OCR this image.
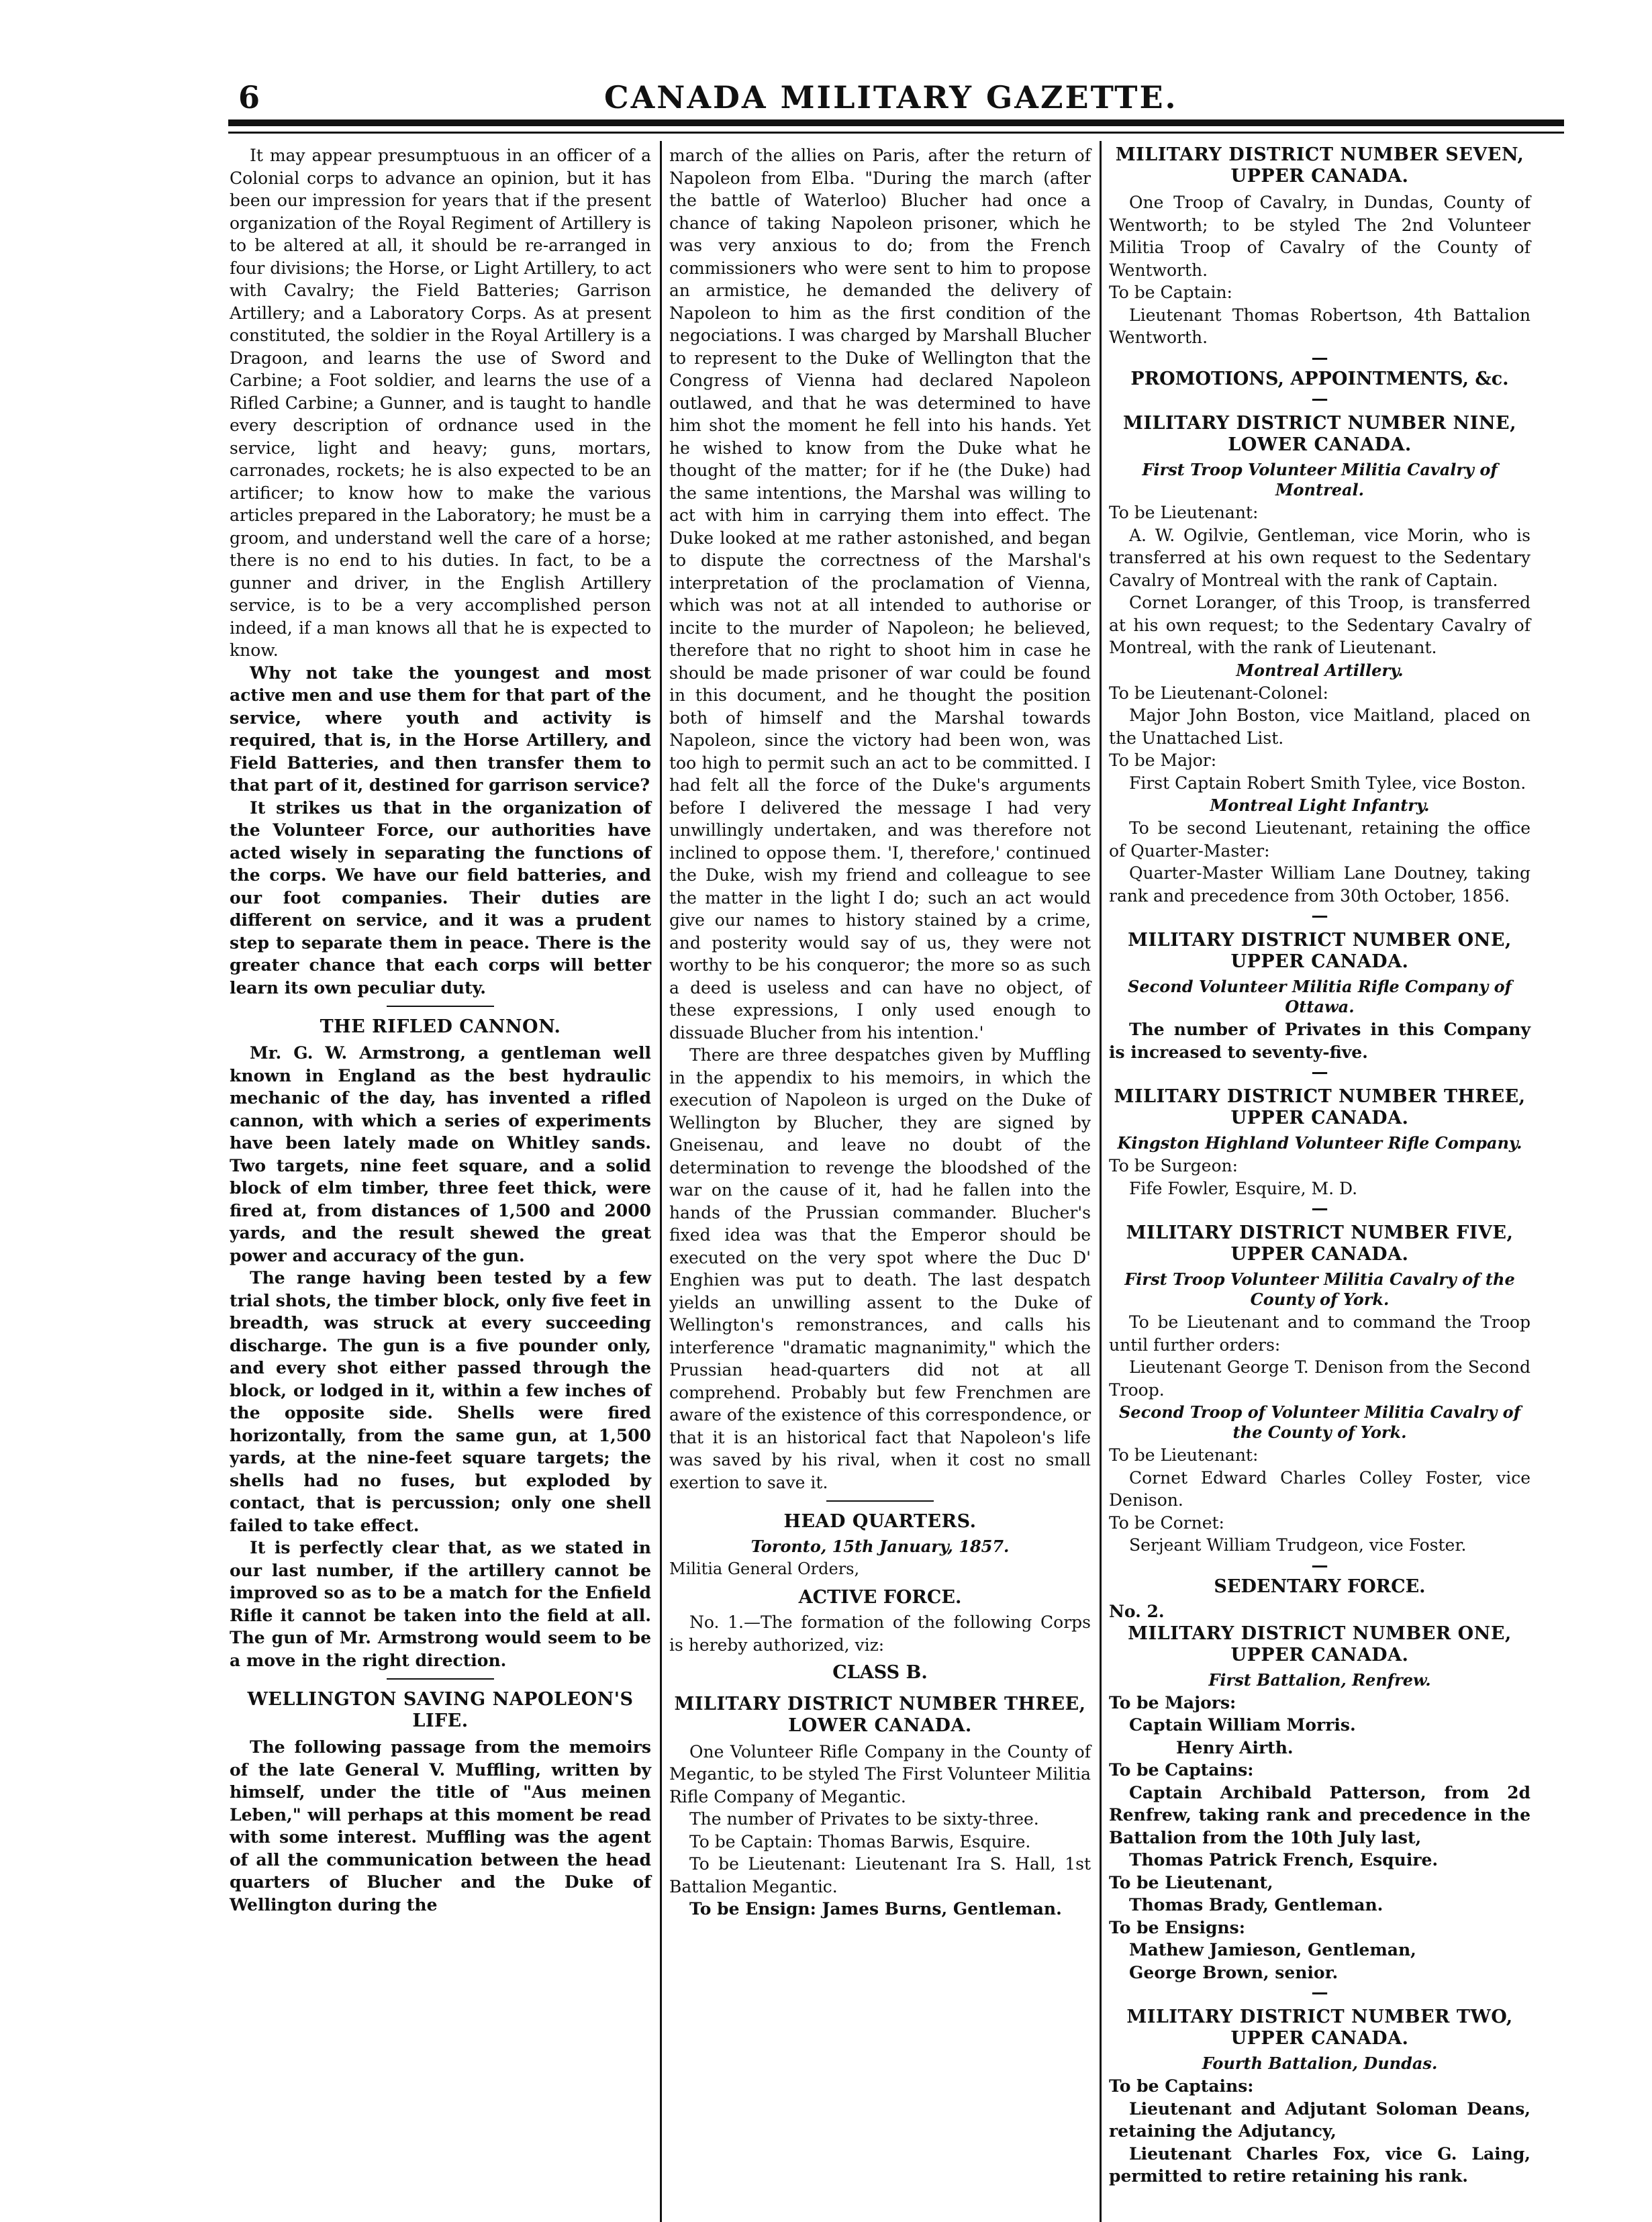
6	CANADA MILITARY GAZETTE.

It may appear presumptuous in an officer of a Colonial corps to advance an opinion, but it has been our impression for years that if the present organization of the Royal Regiment of Artillery is to be altered at all, it should be re-arranged in four divisions; the Horse, or Light Artillery, to act with Cavalry; the Field Batteries; Garrison Artillery; and a Laboratory Corps. As at present constituted, the soldier in the Royal Artillery is a Dragoon, and learns the use of Sword and Carbine; a Foot soldier, and learns the use of a Rifled Carbine; a Gunner, and is taught to handle every description of ordnance used in the service, light and heavy; guns, mortars, carronades, rockets; he is also expected to be an artificer; to know how to make the various articles prepared in the Laboratory; he must be a groom, and understand well the care of a horse; there is no end to his duties. In fact, to be a gunner and driver, in the English Artillery service, is to be a very accomplished person indeed, if a man knows all that he is expected to know.

Why not take the youngest and most active men and use them for that part of the service, where youth and activity is required, that is, in the Horse Artillery, and Field Batteries, and then transfer them to that part of it, destined for garrison service?

It strikes us that in the organization of the Volunteer Force, our authorities have acted wisely in separating the functions of the corps. We have our field batteries, and our foot companies. Their duties are different on service, and it was a prudent step to separate them in peace. There is the greater chance that each corps will better learn its own peculiar duty.

THE RIFLED CANNON.

Mr. G. W. Armstrong, a gentleman well known in England as the best hydraulic mechanic of the day, has invented a rifled cannon, with which a series of experiments have been lately made on Whitley sands. Two targets, nine feet square, and a solid block of elm timber, three feet thick, were fired at, from distances of 1,500 and 2000 yards, and the result shewed the great power and accuracy of the gun.

The range having been tested by a few trial shots, the timber block, only five feet in breadth, was struck at every succeeding discharge. The gun is a five pounder only, and every shot either passed through the block, or lodged in it, within a few inches of the opposite side. Shells were fired horizontally, from the same gun, at 1,500 yards, at the nine-feet square targets; the shells had no fuses, but exploded by contact, that is percussion; only one shell failed to take effect.

It is perfectly clear that, as we stated in our last number, if the artillery cannot be improved so as to be a match for the Enfield Rifle it cannot be taken into the field at all. The gun of Mr. Armstrong would seem to be a move in the right direction.

WELLINGTON SAVING NAPOLEON'S LIFE.

The following passage from the memoirs of the late General V. Muffling, written by himself, under the title of "Aus meinen Leben," will perhaps at this moment be read with some interest. Muffling was the agent of all the communication between the head quarters of Blucher and the Duke of Wellington during the

march of the allies on Paris, after the return of Napoleon from Elba. "During the march (after the battle of Waterloo) Blucher had once a chance of taking Napoleon prisoner, which he was very anxious to do; from the French commissioners who were sent to him to propose an armistice, he demanded the delivery of Napoleon to him as the first condition of the negociations. I was charged by Marshall Blucher to represent to the Duke of Wellington that the Congress of Vienna had declared Napoleon outlawed, and that he was determined to have him shot the moment he fell into his hands. Yet he wished to know from the Duke what he thought of the matter; for if he (the Duke) had the same intentions, the Marshal was willing to act with him in carrying them into effect. The Duke looked at me rather astonished, and began to dispute the correctness of the Marshal's interpretation of the proclamation of Vienna, which was not at all intended to authorise or incite to the murder of Napoleon; he believed, therefore that no right to shoot him in case he should be made prisoner of war could be found in this document, and he thought the position both of himself and the Marshal towards Napoleon, since the victory had been won, was too high to permit such an act to be committed. I had felt all the force of the Duke's arguments before I delivered the message I had very unwillingly undertaken, and was therefore not inclined to oppose them. 'I, therefore,' continued the Duke, wish my friend and colleague to see the matter in the light I do; such an act would give our names to history stained by a crime, and posterity would say of us, they were not worthy to be his conqueror; the more so as such a deed is useless and can have no object, of these expressions, I only used enough to dissuade Blucher from his intention.'

There are three despatches given by Muffling in the appendix to his memoirs, in which the execution of Napoleon is urged on the Duke of Wellington by Blucher, they are signed by Gneisenau, and leave no doubt of the determination to revenge the bloodshed of the war on the cause of it, had he fallen into the hands of the Prussian commander. Blucher's fixed idea was that the Emperor should be executed on the very spot where the Duc D' Enghien was put to death. The last despatch yields an unwilling assent to the Duke of Wellington's remonstrances, and calls his interference "dramatic magnanimity," which the Prussian head-quarters did not at all comprehend. Probably but few Frenchmen are aware of the existence of this correspondence, or that it is an historical fact that Napoleon's life was saved by his rival, when it cost no small exertion to save it.

HEAD QUARTERS.
Toronto, 15th January, 1857.

Militia General Orders,

ACTIVE FORCE.

No. 1.—The formation of the following Corps is hereby authorized, viz:

CLASS B.
MILITARY DISTRICT NUMBER THREE, LOWER CANADA.

One Volunteer Rifle Company in the County of Megantic, to be styled The First Volunteer Militia Rifle Company of Megantic.

The number of Privates to be sixty-three.

To be Captain: Thomas Barwis, Esquire.

To be Lieutenant: Lieutenant Ira S. Hall, 1st Battalion Megantic.

To be Ensign: James Burns, Gentleman.

MILITARY DISTRICT NUMBER SEVEN, UPPER CANADA.

One Troop of Cavalry, in Dundas, County of Wentworth; to be styled The 2nd Volunteer Militia Troop of Cavalry of the County of Wentworth.

To be Captain:

Lieutenant Thomas Robertson, 4th Battalion Wentworth.

—
PROMOTIONS, APPOINTMENTS, &c.
—
MILITARY DISTRICT NUMBER NINE, LOWER CANADA.
First Troop Volunteer Militia Cavalry of Montreal.

To be Lieutenant:

A. W. Ogilvie, Gentleman, vice Morin, who is transferred at his own request to the Sedentary Cavalry of Montreal with the rank of Captain.

Cornet Loranger, of this Troop, is transferred at his own request; to the Sedentary Cavalry of Montreal, with the rank of Lieutenant.

Montreal Artillery.

To be Lieutenant-Colonel:

Major John Boston, vice Maitland, placed on the Unattached List.

To be Major:

First Captain Robert Smith Tylee, vice Boston.

Montreal Light Infantry.

To be second Lieutenant, retaining the office of Quarter-Master:

Quarter-Master William Lane Doutney, taking rank and precedence from 30th October, 1856.

—
MILITARY DISTRICT NUMBER ONE, UPPER CANADA.
Second Volunteer Militia Rifle Company of Ottawa.

The number of Privates in this Company is increased to seventy-five.

—
MILITARY DISTRICT NUMBER THREE, UPPER CANADA.
Kingston Highland Volunteer Rifle Company.

To be Surgeon:

Fife Fowler, Esquire, M. D.

—
MILITARY DISTRICT NUMBER FIVE, UPPER CANADA.
First Troop Volunteer Militia Cavalry of the County of York.

To be Lieutenant and to command the Troop until further orders:

Lieutenant George T. Denison from the Second Troop.

Second Troop of Volunteer Militia Cavalry of the County of York.

To be Lieutenant:

Cornet Edward Charles Colley Foster, vice Denison.

To be Cornet:

Serjeant William Trudgeon, vice Foster.

—
SEDENTARY FORCE.

No. 2.

MILITARY DISTRICT NUMBER ONE, UPPER CANADA.
First Battalion, Renfrew.

To be Majors:

Captain William Morris.

Henry Airth.

To be Captains:

Captain Archibald Patterson, from 2d Renfrew, taking rank and precedence in the Battalion from the 10th July last,

Thomas Patrick French, Esquire.

To be Lieutenant,

Thomas Brady, Gentleman.

To be Ensigns:

Mathew Jamieson, Gentleman,

George Brown, senior.

—
MILITARY DISTRICT NUMBER TWO, UPPER CANADA.
Fourth Battalion, Dundas.

To be Captains:

Lieutenant and Adjutant Soloman Deans, retaining the Adjutancy,

Lieutenant Charles Fox, vice G. Laing, permitted to retire retaining his rank.
